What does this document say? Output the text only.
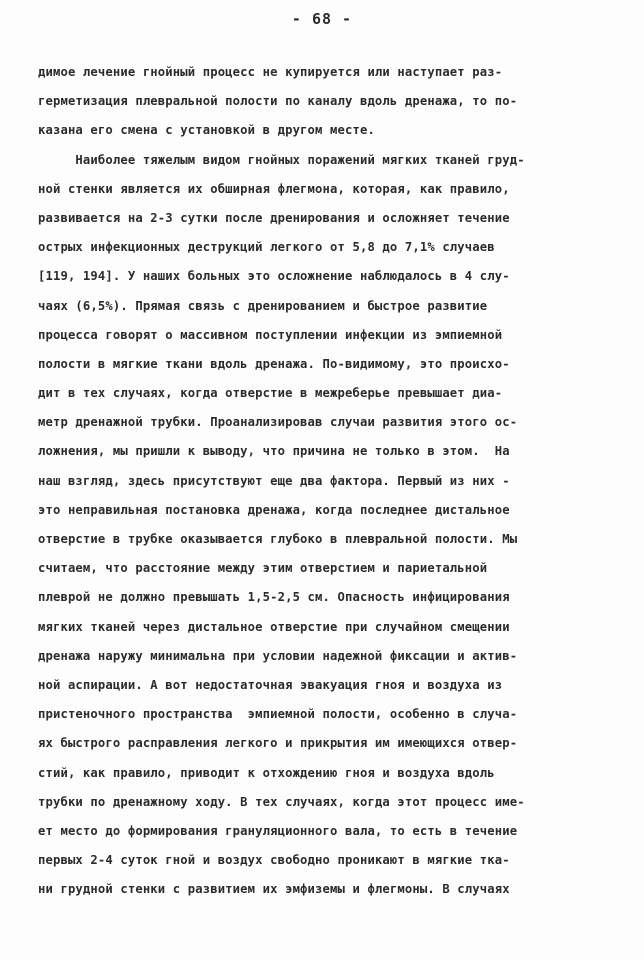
- 68 -
димое лечение гнойный процесс не купируется или наступает раз-
герметизация плевральной полости по каналу вдоль дренажа, то по-
казана его смена с установкой в другом месте.
Наиболее тяжелым видом гнойных поражений мягких тканей груд-
ной стенки является их обширная флегмона, которая, как правило,
развивается на 2-3 сутки после дренирования и осложняет течение
острых инфекционных деструкций легкого от 5,8 до 7,1% случаев
[119, 194]. У наших больных это осложнение наблюдалось в 4 слу-
чаях (6,5%). Прямая связь с дренированием и быстрое развитие
процесса говорят о массивном поступлении инфекции из эмпиемной
полости в мягкие ткани вдоль дренажа. По-видимому, это происхо-
дит в тех случаях, когда отверстие в межреберье превышает диа-
метр дренажной трубки. Проанализировав случаи развития этого ос-
ложнения, мы пришли к выводу, что причина не только в этом.  На
наш взгляд, здесь присутствуют еще два фактора. Первый из них -
это неправильная постановка дренажа, когда последнее дистальное
отверстие в трубке оказывается глубоко в плевральной полости. Мы
считаем, что расстояние между этим отверстием и париетальной
плеврой не должно превышать 1,5-2,5 см. Опасность инфицирования
мягких тканей через дистальное отверстие при случайном смещении
дренажа наружу минимальна при условии надежной фиксации и актив-
ной аспирации. А вот недостаточная эвакуация гноя и воздуха из
пристеночного пространства  эмпиемной полости, особенно в случа-
ях быстрого расправления легкого и прикрытия им имеющихся отвер-
стий, как правило, приводит к отхождению гноя и воздуха вдоль
трубки по дренажному ходу. В тех случаях, когда этот процесс име-
ет место до формирования грануляционного вала, то есть в течение
первых 2-4 суток гной и воздух свободно проникают в мягкие тка-
ни грудной стенки с развитием их эмфиземы и флегмоны. В случаях
